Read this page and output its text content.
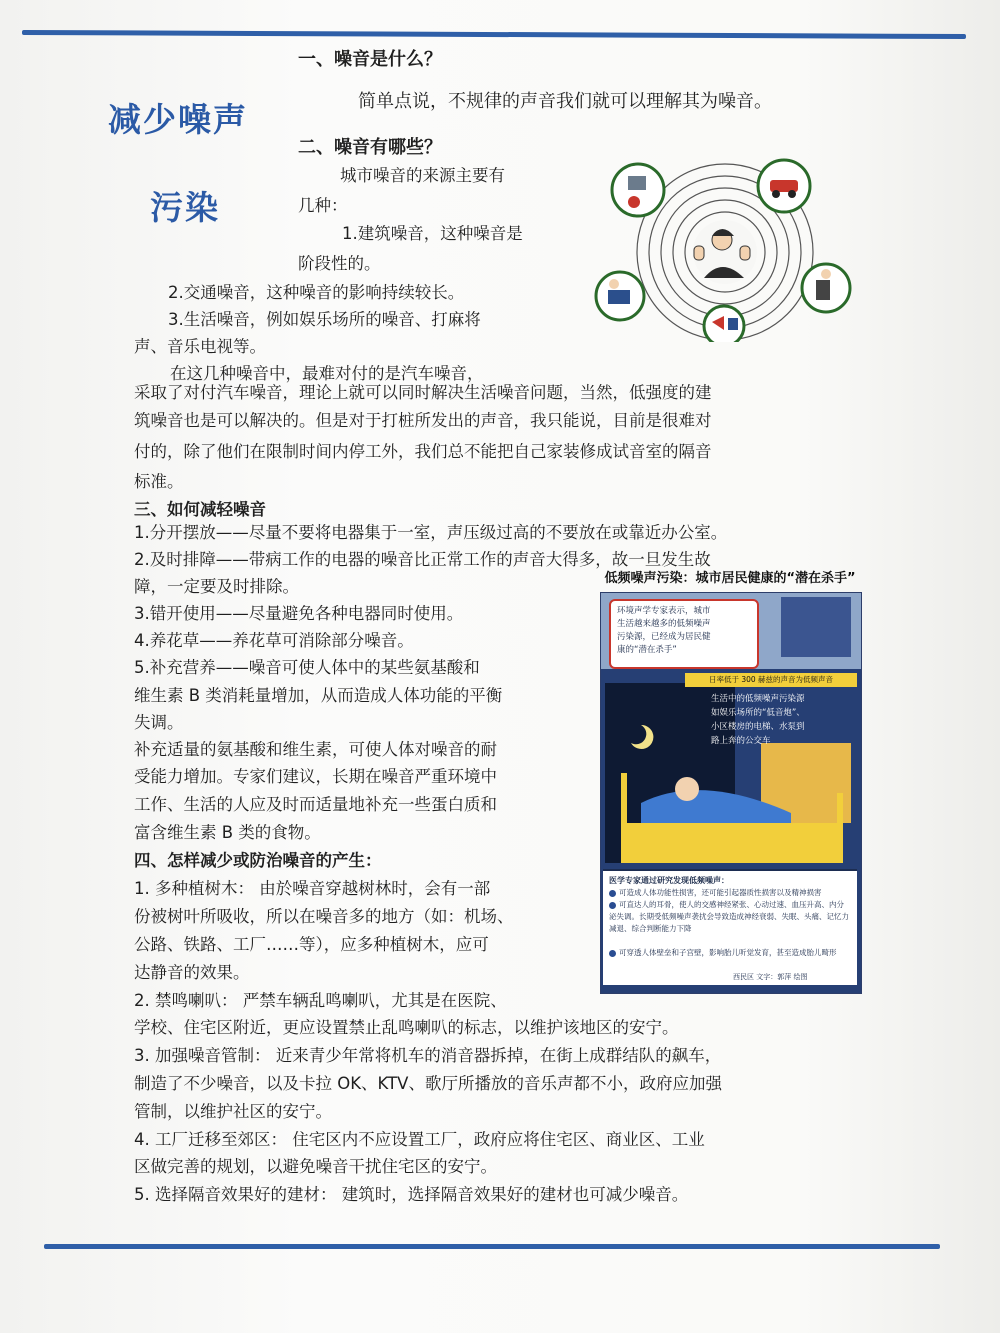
减少噪声
污染
一、噪音是什么？
简单点说，不规律的声音我们就可以理解其为噪音。
二、噪音有哪些？
城市噪音的来源主要有
几种：
1.建筑噪音，这种噪音是
阶段性的。
2.交通噪音，这种噪音的影响持续较长。
3.生活噪音，例如娱乐场所的噪音、打麻将
声、音乐电视等。
在这几种噪音中，最难对付的是汽车噪音，
采取了对付汽车噪音，理论上就可以同时解决生活噪音问题，当然，低强度的建
筑噪音也是可以解决的。但是对于打桩所发出的声音，我只能说，目前是很难对
付的，除了他们在限制时间内停工外，我们总不能把自己家装修成试音室的隔音
标准。
三、如何减轻噪音
1.分开摆放——尽量不要将电器集于一室，声压级过高的不要放在或靠近办公室。
2.及时排障——带病工作的电器的噪音比正常工作的声音大得多，故一旦发生故
障，一定要及时排除。
3.错开使用——尽量避免各种电器同时使用。
4.养花草——养花草可消除部分噪音。
5.补充营养——噪音可使人体中的某些氨基酸和
维生素 B 类消耗量增加，从而造成人体功能的平衡
失调。
补充适量的氨基酸和维生素，可使人体对噪音的耐
受能力增加。专家们建议，长期在噪音严重环境中
工作、生活的人应及时而适量地补充一些蛋白质和
富含维生素 B 类的食物。
四、怎样减少或防治噪音的产生：
1. 多种植树木： 由於噪音穿越树林时，会有一部
份被树叶所吸收，所以在噪音多的地方（如：机场、
公路、铁路、工厂……等），应多种植树木，应可
达静音的效果。
2. 禁鸣喇叭： 严禁车辆乱鸣喇叭，尤其是在医院、
学校、住宅区附近，更应设置禁止乱鸣喇叭的标志，以维护该地区的安宁。
3. 加强噪音管制： 近来青少年常将机车的消音器拆掉，在街上成群结队的飙车，
制造了不少噪音，以及卡拉 OK、KTV、歌厅所播放的音乐声都不小，政府应加强
管制，以维护社区的安宁。
4. 工厂迁移至郊区： 住宅区内不应设置工厂，政府应将住宅区、商业区、工业
区做完善的规划，以避免噪音干扰住宅区的安宁。
5. 选择隔音效果好的建材： 建筑时，选择隔音效果好的建材也可减少噪音。
低频噪声污染：城市居民健康的“潜在杀手”
环境声学专家表示，城市
生活越来越多的低频噪声
污染源，已经成为居民健
康的“潜在杀手”
日率低于 300 赫兹的声音为低频声音
生活中的低频噪声污染源
如娱乐场所的“低音炮”、
小区楼房的电梯、水泵到
路上奔的公交车
医学专家通过研究发现低频噪声：
可造成人体功能性损害，还可能引起器质性损害以及精神损害
可直达人的耳骨，使人的交感神经紧张、心动过速、血压升高、内分泌失调。长期受低频噪声袭扰会导致造成神经衰弱、失眠、头痛、记忆力减退、综合判断能力下降
可穿透人体壁垒和子宫壁，影响胎儿听觉发育，甚至造成胎儿畸形
西民区 文字：郭萍 绘图
